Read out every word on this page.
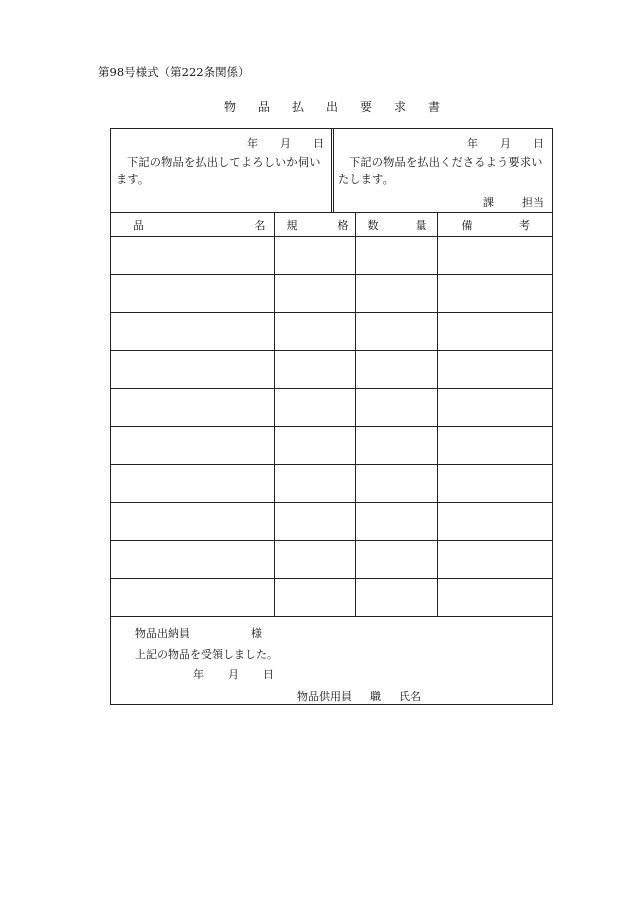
第98号様式（第222条関係）
物 品 払 出 要 求 書
年 月 日
下記の物品を払出してよろしいか伺います。
年 月 日
下記の物品を払出くださるよう要求いたします。
課	担当
品 名	規 格	数 量	備 考

物品出納員	様
上記の物品を受領しました。
年 月 日
物品供用員 職 氏名
